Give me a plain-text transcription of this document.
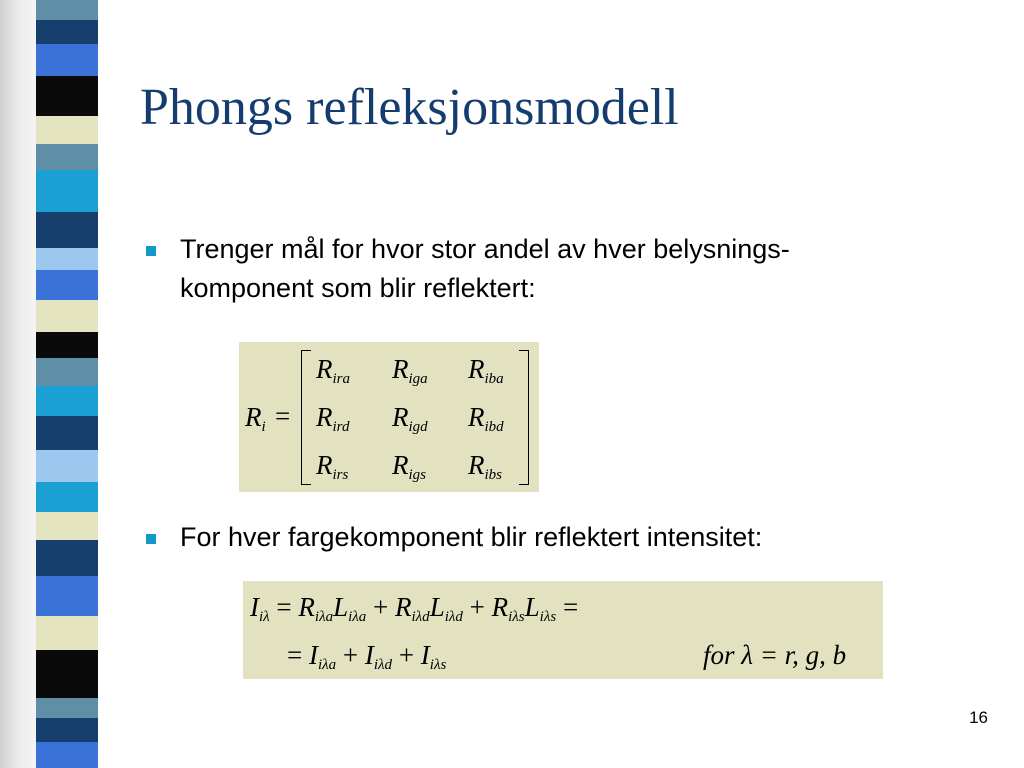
Phongs refleksjonsmodell

Trenger mål for hvor stor andel av hver belysnings-
komponent som blir reflektert:

$R_i$ =
$R_{ira}$ $R_{iga}$ $R_{iba}$
$R_{ird}$ $R_{igd}$ $R_{ibd}$
$R_{irs}$ $R_{igs}$ $R_{ibs}$

For hver fargekomponent blir reflektert intensitet:

$I_{i\lambda} = R_{i\lambda a}L_{i\lambda a} + R_{i\lambda d}L_{i\lambda d} + R_{i\lambda s}L_{i\lambda s}$ =
= $I_{i\lambda a} + I_{i\lambda d} + I_{i\lambda s}$	for λ = r, g, b
16
